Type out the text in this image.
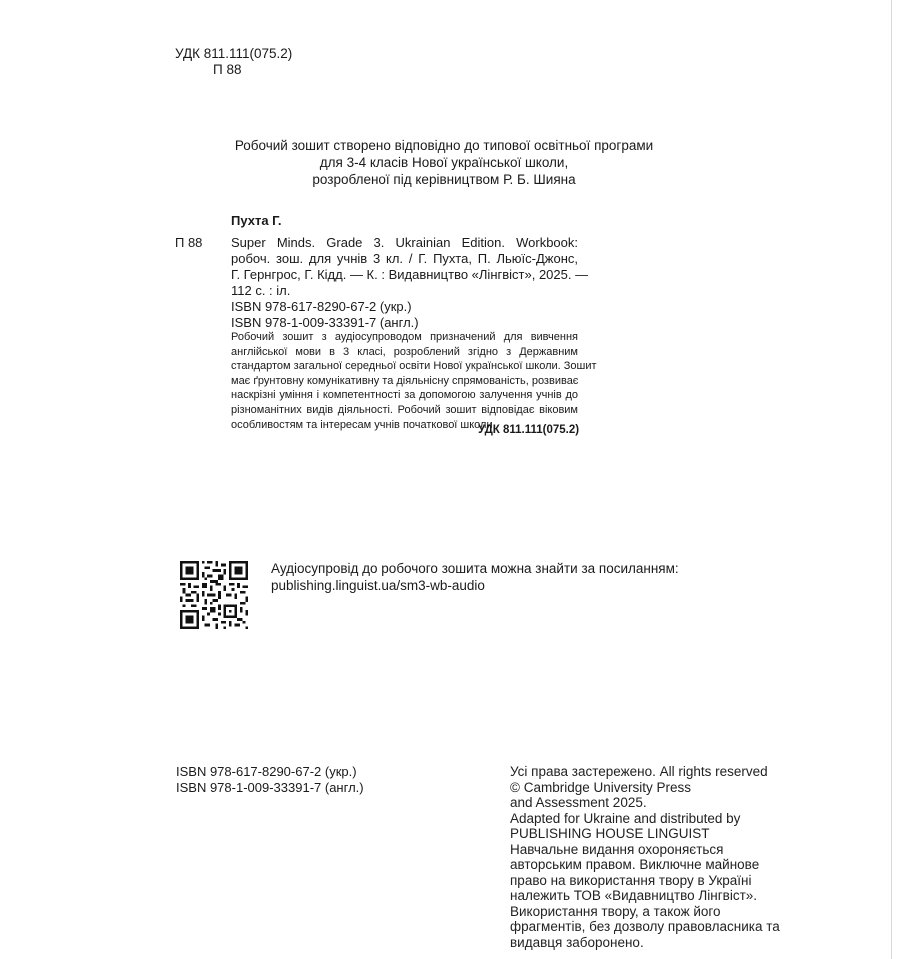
УДК 811.111(075.2)
П 88
Робочий зошит створено відповідно до типової освітньої програми
для 3-4 класів Нової української школи,
розробленої під керівництвом Р. Б. Шияна
Пухта Г.
П 88 Super Minds. Grade 3. Ukrainian Edition. Workbook:
робоч. зош. для учнів 3 кл. / Г. Пухта, П. Льюїс-Джонс,
Г. Гернгрос, Г. Кідд. — К. : Видавництво «Лінгвіст», 2025. —
112 с. : іл.
ISBN 978-617-8290-67-2 (укр.)
ISBN 978-1-009-33391-7 (англ.)
Робочий зошит з аудіосупроводом призначений для вивчення
англійської мови в 3 класі, розроблений згідно з Державним
стандартом загальної середньої освіти Нової української школи. Зошит
має ґрунтовну комунікативну та діяльнісну спрямованість, розвиває
наскрізні уміння і компетентності за допомогою залучення учнів до
різноманітних видів діяльності. Робочий зошит відповідає віковим
особливостям та інтересам учнів початкової школи.
УДК 811.111(075.2)
Аудіосупровід до робочого зошита можна знайти за посиланням:
publishing.linguist.ua/sm3-wb-audio
ISBN 978-617-8290-67-2 (укр.)
ISBN 978-1-009-33391-7 (англ.)
Усі права застережено. All rights reserved
© Cambridge University Press
and Assessment 2025.
Adapted for Ukraine and distributed by
PUBLISHING HOUSE LINGUIST
Навчальне видання охороняється
авторським правом. Виключне майнове
право на використання твору в Україні
належить ТОВ «Видавництво Лінгвіст».
Використання твору, а також його
фрагментів, без дозволу правовласника та
видавця заборонено.
